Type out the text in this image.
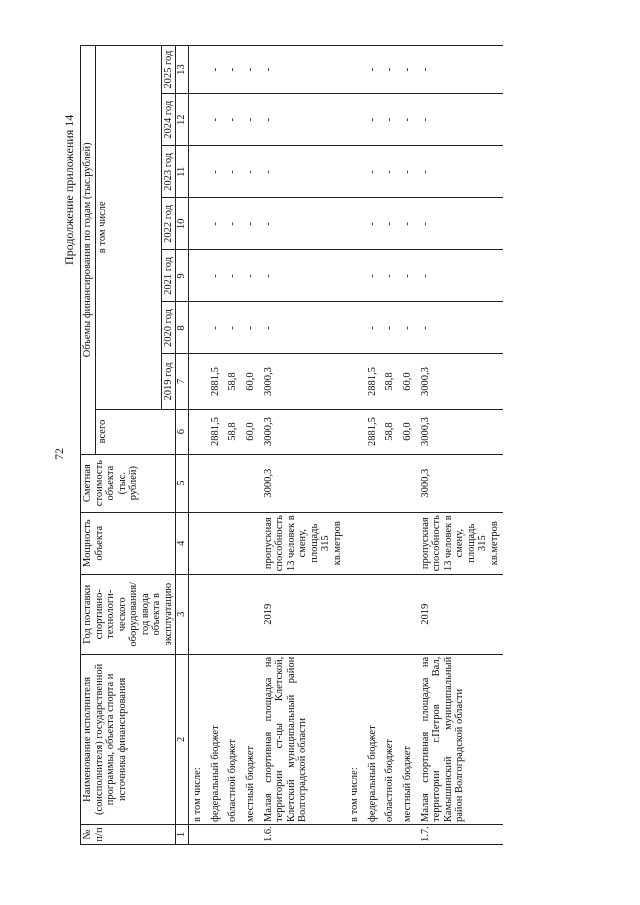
72
Продолжение приложения 14
№ п/п	Наименование исполнителя (соисполнителя) государственной программы, объекта спорта и источника финансирования	Год поставки спортивно-технологи-ческого оборудования/ год ввода объекта в эксплуатацию	Мощность объекта	Сметная стоимость объекта (тыс. рублей)	Объемы финансирования по годам (тыс.рублей)							
					всего	в том числе						
						2019 год	2020 год	2021 год	2022 год	2023 год	2024 год	2025 год
1	2	3	4	5	6	7	8	9	10	11	12	13
	в том числе:											
	федеральный бюджет				2881,5	2881,5	-	-	-	-	-	-
	областной бюджет				58,8	58,8	-	-	-	-	-	-
	местный бюджет				60,0	60,0	-	-	-	-	-	-
1.6.	Малая спортивная площадка на территории ст-цы Клетской, Клетский муниципальный район Волгоградской области	2019	пропускная способность 13 человек в смену, площадь 315 кв.метров	3000,3	3000,3	3000,3	-	-	-	-	-	-
	в том числе:											
	федеральный бюджет				2881,5	2881,5	-	-	-	-	-	-
	областной бюджет				58,8	58,8	-	-	-	-	-	-
	местный бюджет				60,0	60,0	-	-	-	-	-	-
1.7.	Малая спортивная площадка на территории г.Петров Вал, Камышинский муниципальный район Волгоградской области	2019	пропускная способность 13 человек в смену, площадь 315 кв.метров	3000,3	3000,3	3000,3	-	-	-	-	-	-
